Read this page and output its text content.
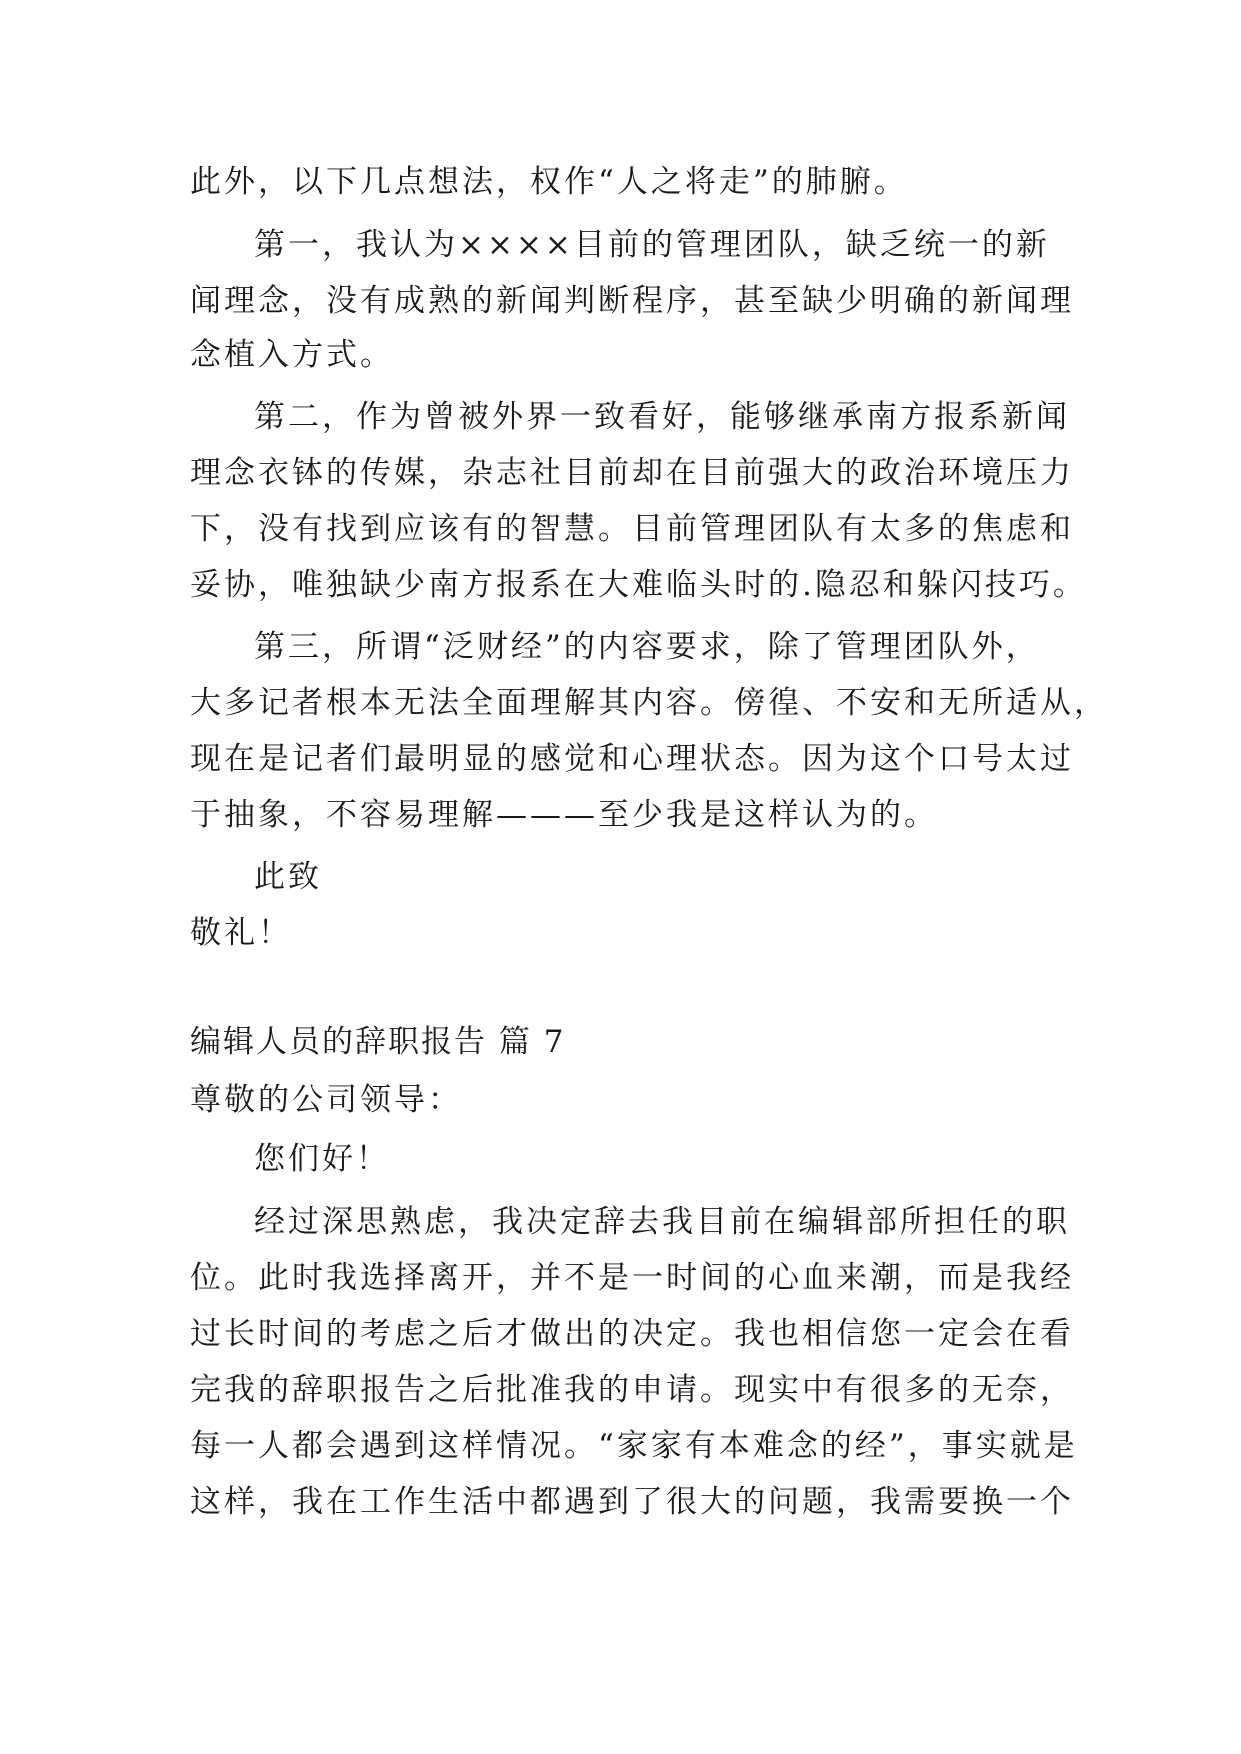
此外，以下几点想法，权作“人之将走”的肺腑。
第一，我认为××××目前的管理团队，缺乏统一的新
闻理念，没有成熟的新闻判断程序，甚至缺少明确的新闻理
念植入方式。
第二，作为曾被外界一致看好，能够继承南方报系新闻
理念衣钵的传媒，杂志社目前却在目前强大的政治环境压力
下，没有找到应该有的智慧。目前管理团队有太多的焦虑和
妥协，唯独缺少南方报系在大难临头时的.隐忍和躲闪技巧。
第三，所谓“泛财经”的内容要求，除了管理团队外，
大多记者根本无法全面理解其内容。傍徨、不安和无所适从，
现在是记者们最明显的感觉和心理状态。因为这个口号太过
于抽象，不容易理解———至少我是这样认为的。
此致
敬礼！
编辑人员的辞职报告 篇 7
尊敬的公司领导：
您们好！
经过深思熟虑，我决定辞去我目前在编辑部所担任的职
位。此时我选择离开，并不是一时间的心血来潮，而是我经
过长时间的考虑之后才做出的决定。我也相信您一定会在看
完我的辞职报告之后批准我的申请。现实中有很多的无奈，
每一人都会遇到这样情况。“家家有本难念的经”，事实就是
这样，我在工作生活中都遇到了很大的问题，我需要换一个
